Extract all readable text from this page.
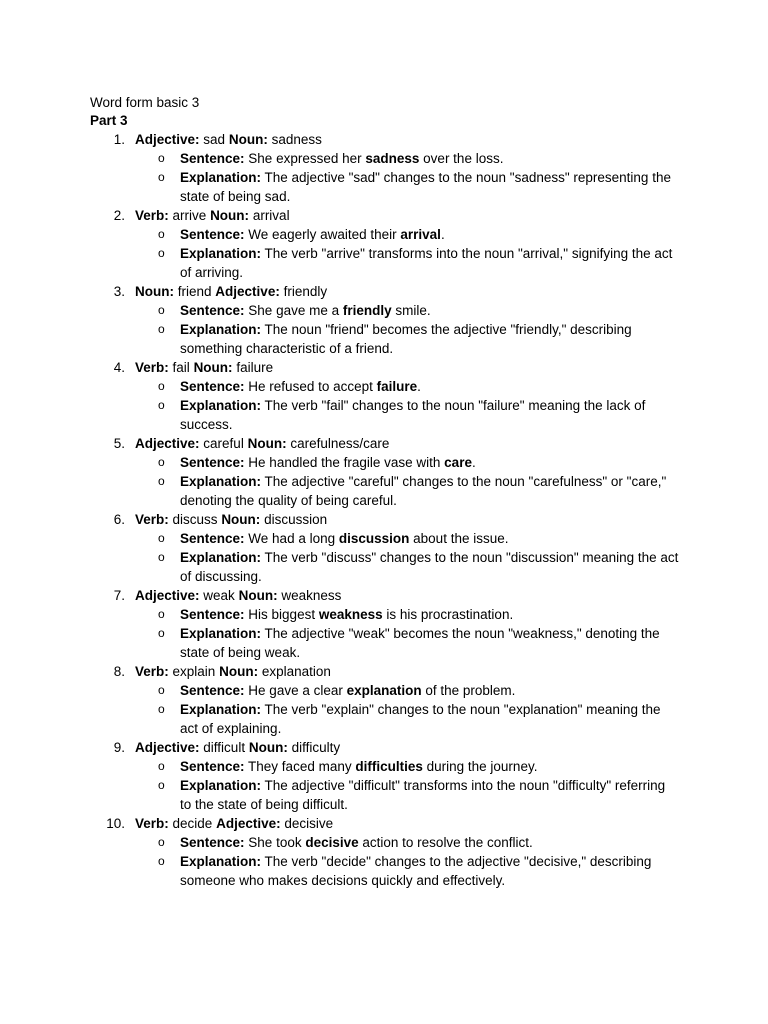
Word form basic 3
Part 3
1. Adjective: sad Noun: sadness
o Sentence: She expressed her sadness over the loss.
o Explanation: The adjective "sad" changes to the noun "sadness" representing the state of being sad.
2. Verb: arrive Noun: arrival
o Sentence: We eagerly awaited their arrival.
o Explanation: The verb "arrive" transforms into the noun "arrival," signifying the act of arriving.
3. Noun: friend Adjective: friendly
o Sentence: She gave me a friendly smile.
o Explanation: The noun "friend" becomes the adjective "friendly," describing something characteristic of a friend.
4. Verb: fail Noun: failure
o Sentence: He refused to accept failure.
o Explanation: The verb "fail" changes to the noun "failure" meaning the lack of success.
5. Adjective: careful Noun: carefulness/care
o Sentence: He handled the fragile vase with care.
o Explanation: The adjective "careful" changes to the noun "carefulness" or "care," denoting the quality of being careful.
6. Verb: discuss Noun: discussion
o Sentence: We had a long discussion about the issue.
o Explanation: The verb "discuss" changes to the noun "discussion" meaning the act of discussing.
7. Adjective: weak Noun: weakness
o Sentence: His biggest weakness is his procrastination.
o Explanation: The adjective "weak" becomes the noun "weakness," denoting the state of being weak.
8. Verb: explain Noun: explanation
o Sentence: He gave a clear explanation of the problem.
o Explanation: The verb "explain" changes to the noun "explanation" meaning the act of explaining.
9. Adjective: difficult Noun: difficulty
o Sentence: They faced many difficulties during the journey.
o Explanation: The adjective "difficult" transforms into the noun "difficulty" referring to the state of being difficult.
10. Verb: decide Adjective: decisive
o Sentence: She took decisive action to resolve the conflict.
o Explanation: The verb "decide" changes to the adjective "decisive," describing someone who makes decisions quickly and effectively.
